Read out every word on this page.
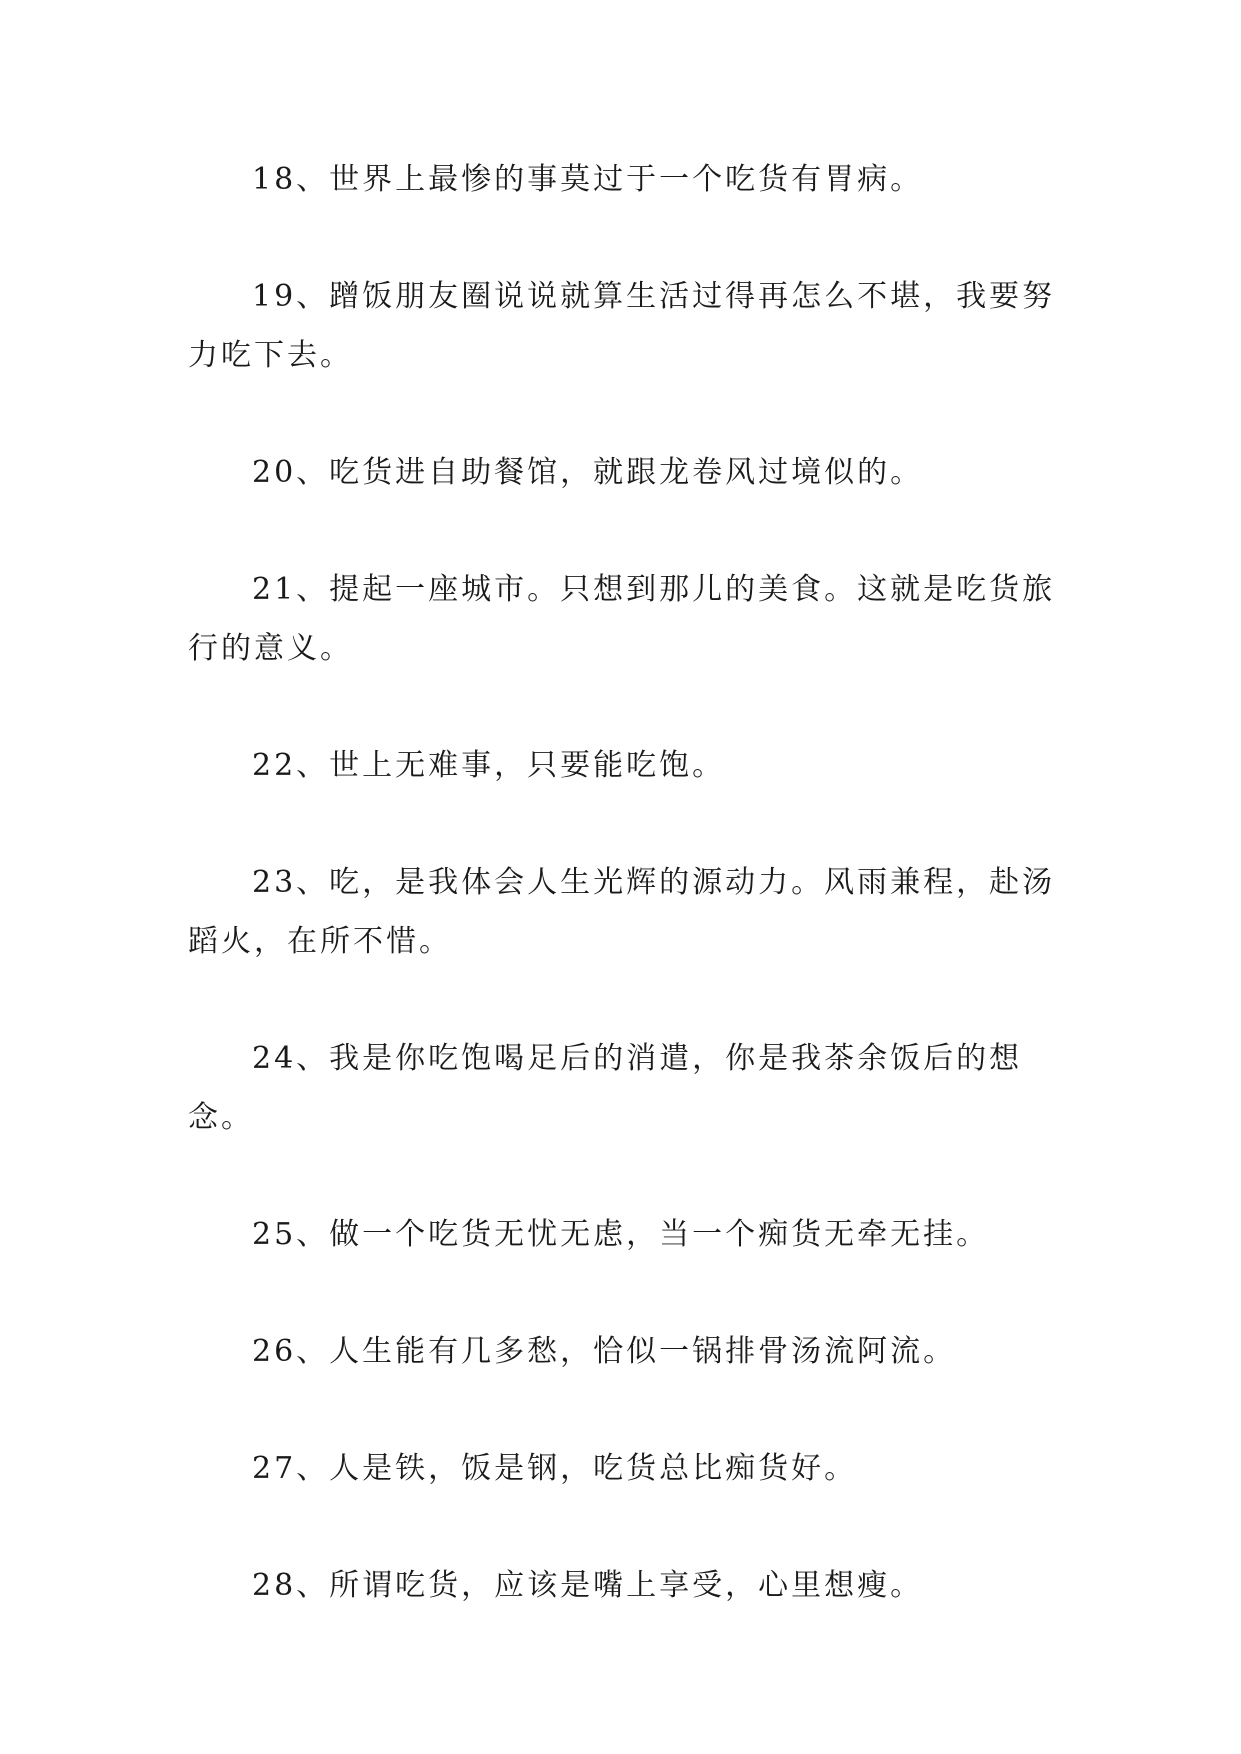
18、世界上最惨的事莫过于一个吃货有胃病。

19、蹭饭朋友圈说说就算生活过得再怎么不堪，我要努力吃下去。

20、吃货进自助餐馆，就跟龙卷风过境似的。

21、提起一座城市。只想到那儿的美食。这就是吃货旅行的意义。

22、世上无难事，只要能吃饱。

23、吃，是我体会人生光辉的源动力。风雨兼程，赴汤蹈火，在所不惜。

24、我是你吃饱喝足后的消遣，你是我茶余饭后的想念。

25、做一个吃货无忧无虑，当一个痴货无牵无挂。

26、人生能有几多愁，恰似一锅排骨汤流阿流。

27、人是铁，饭是钢，吃货总比痴货好。

28、所谓吃货，应该是嘴上享受，心里想瘦。
